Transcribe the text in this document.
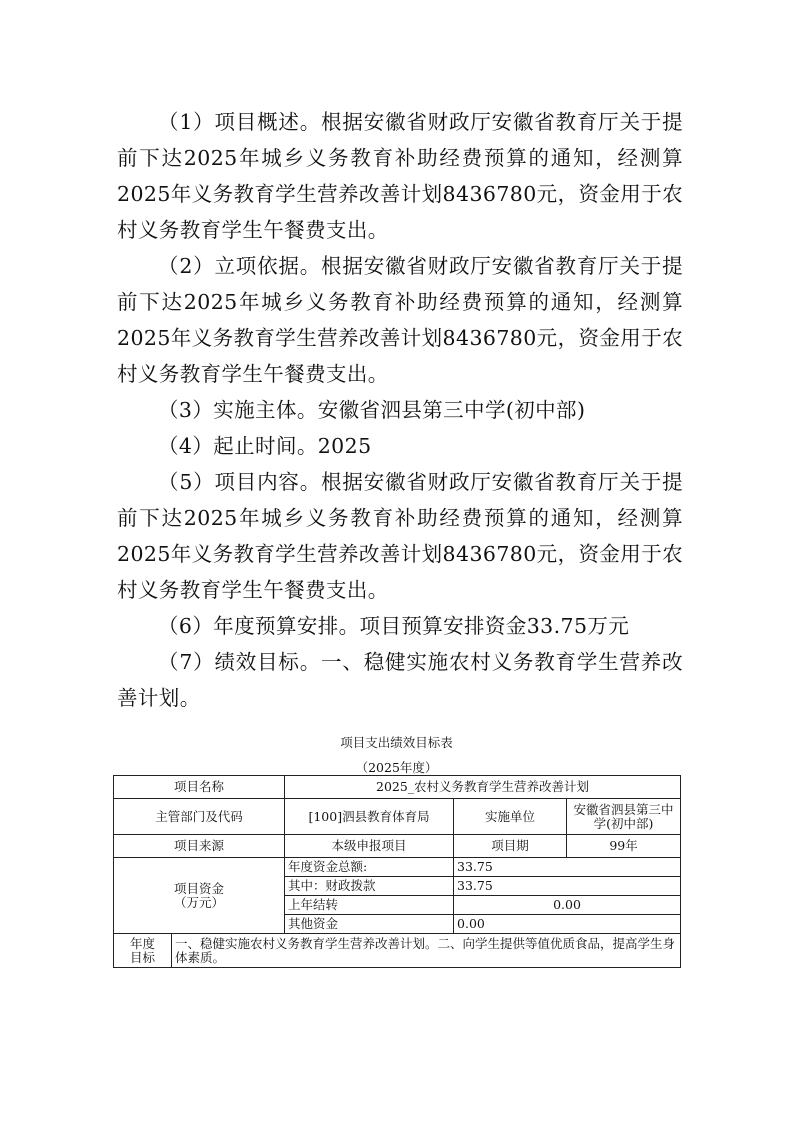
（1）项目概述。根据安徽省财政厅安徽省教育厅关于提前下达2025年城乡义务教育补助经费预算的通知，经测算2025年义务教育学生营养改善计划8436780元，资金用于农村义务教育学生午餐费支出。

（2）立项依据。根据安徽省财政厅安徽省教育厅关于提前下达2025年城乡义务教育补助经费预算的通知，经测算2025年义务教育学生营养改善计划8436780元，资金用于农村义务教育学生午餐费支出。

（3）实施主体。安徽省泗县第三中学(初中部)

（4）起止时间。2025

（5）项目内容。根据安徽省财政厅安徽省教育厅关于提前下达2025年城乡义务教育补助经费预算的通知，经测算2025年义务教育学生营养改善计划8436780元，资金用于农村义务教育学生午餐费支出。

（6）年度预算安排。项目预算安排资金33.75万元

（7）绩效目标。一、稳健实施农村义务教育学生营养改善计划。

项目支出绩效目标表
（2025年度）
项目名称		2025_农村义务教育学生营养改善计划		
主管部门及代码		[100]泗县教育体育局	实施单位	安徽省泗县第三中学(初中部)
项目来源		本级申报项目	项目期	99年
项目资金
（万元）		年度资金总额:	33.75	
		其中：财政拨款	33.75	
		上年结转	0.00	
		其他资金	0.00	
年度
目标	一、稳健实施农村义务教育学生营养改善计划。二、向学生提供等值优质食品，提高学生身体素质。			
